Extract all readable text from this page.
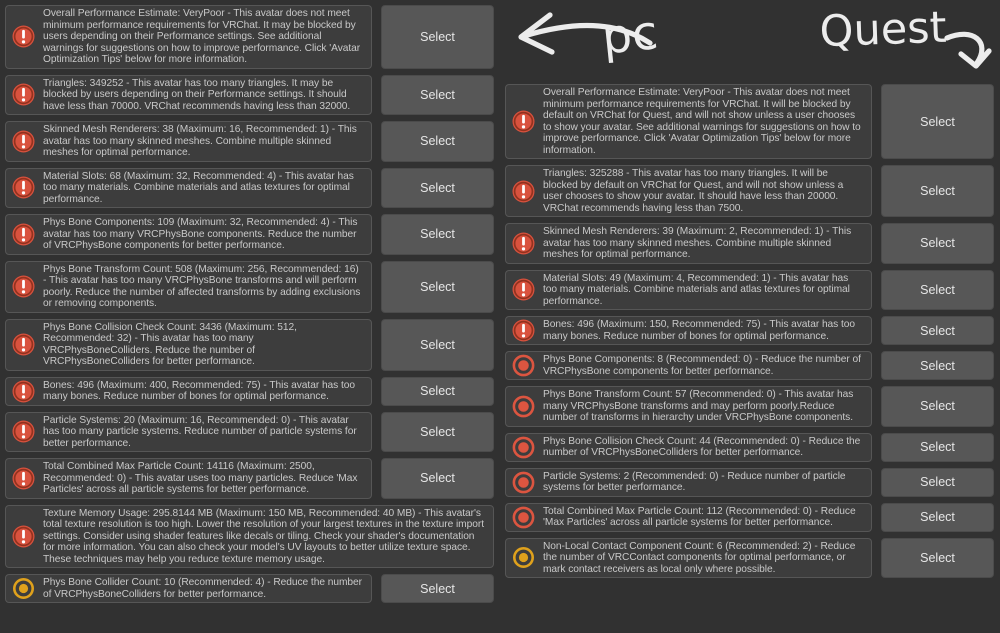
Overall Performance Estimate: VeryPoor - This avatar does not meet minimum performance requirements for VRChat. It may be blocked by users depending on their Performance settings. See additional warnings for suggestions on how to improve performance. Click 'Avatar Optimization Tips' below for more information.
Select
Triangles: 349252 - This avatar has too many triangles. It may be blocked by users depending on their Performance settings. It should have less than 70000. VRChat recommends having less than 32000.
Select
Skinned Mesh Renderers: 38 (Maximum: 16, Recommended: 1) - This avatar has too many skinned meshes. Combine multiple skinned meshes for optimal performance.
Select
Material Slots: 68 (Maximum: 32, Recommended: 4) - This avatar has too many materials. Combine materials and atlas textures for optimal performance.
Select
Phys Bone Components: 109 (Maximum: 32, Recommended: 4) - This avatar has too many VRCPhysBone components. Reduce the number of VRCPhysBone components for better performance.
Select
Phys Bone Transform Count: 508 (Maximum: 256, Recommended: 16) - This avatar has too many VRCPhysBone transforms and will perform poorly. Reduce the number of affected transforms by adding exclusions or removing components.
Select
Phys Bone Collision Check Count: 3436 (Maximum: 512, Recommended: 32) - This avatar has too many VRCPhysBoneColliders. Reduce the number of VRCPhysBoneColliders for better performance.
Select
Bones: 496 (Maximum: 400, Recommended: 75) - This avatar has too many bones. Reduce number of bones for optimal performance.	Select
Particle Systems: 20 (Maximum: 16, Recommended: 0) - This avatar has too many particle systems. Reduce number of particle systems for better performance.
Select
Total Combined Max Particle Count: 14116 (Maximum: 2500, Recommended: 0) - This avatar uses too many particles. Reduce 'Max Particles' across all particle systems for better performance.
Select
Texture Memory Usage: 295.8144 MB (Maximum: 150 MB, Recommended: 40 MB) - This avatar's total texture resolution is too high. Lower the resolution of your largest textures in the texture import settings. Consider using shader features like decals or tiling. Check your shader's documentation for more information. You can also check your model's UV layouts to better utilize texture space. These techniques may help you reduce texture memory usage.
Phys Bone Collider Count: 10 (Recommended: 4) - Reduce the number of VRCPhysBoneColliders for better performance.	Select
Overall Performance Estimate: VeryPoor - This avatar does not meet minimum performance requirements for VRChat. It will be blocked by default on VRChat for Quest, and will not show unless a user chooses to show your avatar. See additional warnings for suggestions on how to improve performance. Click 'Avatar Optimization Tips' below for more information.
Select
Triangles: 325288 - This avatar has too many triangles. It will be blocked by default on VRChat for Quest, and will not show unless a user chooses to show your avatar. It should have less than 20000. VRChat recommends having less than 7500.
Select
Skinned Mesh Renderers: 39 (Maximum: 2, Recommended: 1) - This avatar has too many skinned meshes. Combine multiple skinned meshes for optimal performance.
Select
Material Slots: 49 (Maximum: 4, Recommended: 1) - This avatar has too many materials. Combine materials and atlas textures for optimal performance.
Select
Bones: 496 (Maximum: 150, Recommended: 75) - This avatar has too many bones. Reduce number of bones for optimal performance.	Select
Phys Bone Components: 8 (Recommended: 0) - Reduce the number of VRCPhysBone components for better performance.	Select
Phys Bone Transform Count: 57 (Recommended: 0) - This avatar has many VRCPhysBone transforms and may perform poorly.Reduce number of transforms in hierarchy under VRCPhysBone components.
Select
Phys Bone Collision Check Count: 44 (Recommended: 0) - Reduce the number of VRCPhysBoneColliders for better performance.	Select
Particle Systems: 2 (Recommended: 0) - Reduce number of particle systems for better performance.	Select
Total Combined Max Particle Count: 112 (Recommended: 0) - Reduce 'Max Particles' across all particle systems for better performance.	Select
Non-Local Contact Component Count: 6 (Recommended: 2) - Reduce the number of VRCContact components for optimal performance, or mark contact receivers as local only where possible.
Select
pc	Quest
